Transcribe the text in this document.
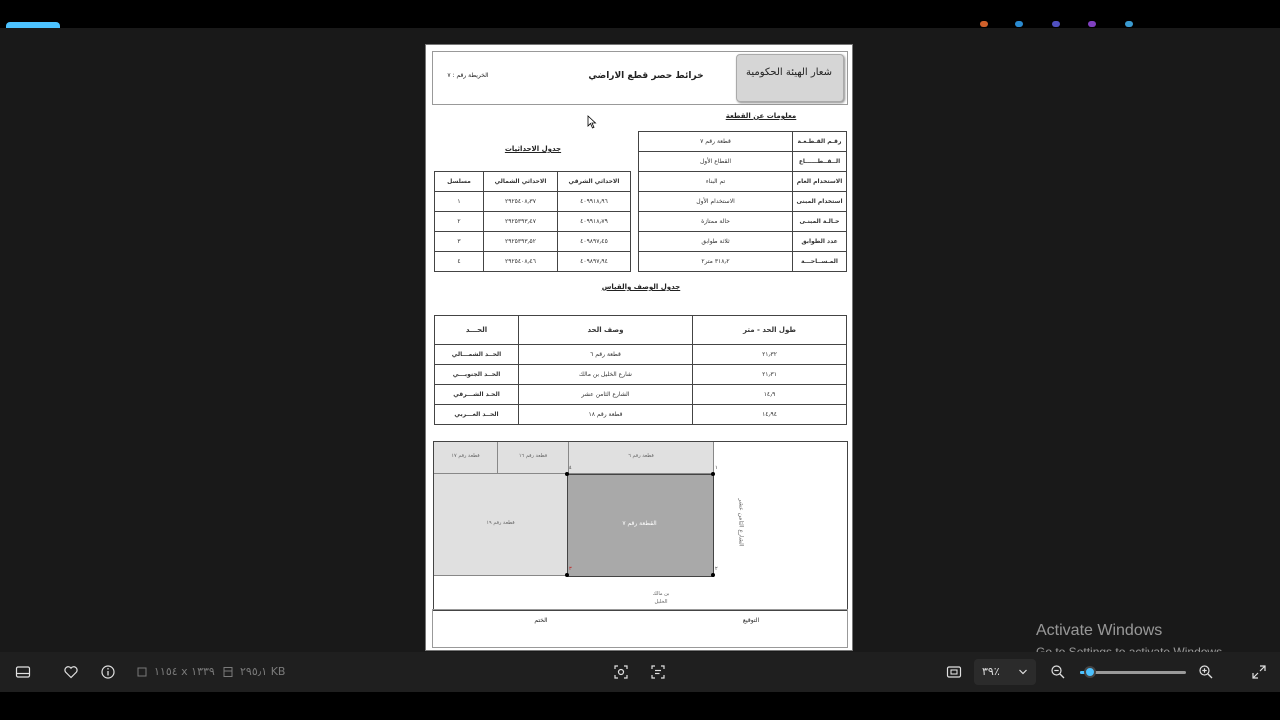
شعار الهيئة الحكومية
خرائط حصر قطع الاراضي
الخريطة رقم : ٧
معلومات عن القطعة
رقـم القـطـعـة	قطعة رقم ٧
الــقــطــــــاع	القطاع الأول
الاستخدام العام	تم البناء
استخدام المبنى	الاستخدام الأول
حـالـة المبنـى	حالة ممتازة
عدد الطوابق	ثلاثة طوابق
المـســاحـــة	٣١٨٫٢ متر٢
جدول الاحداثيات
الاحداثي الشرقي	الاحداثي الشمالي	مسلسل
٤٠٩٩١٨٫٩٦	٢٩٢٥٤٠٨٫٣٧	١
٤٠٩٩١٨٫٧٩	٢٩٢٥٣٩٣٫٤٧	٢
٤٠٩٨٩٧٫٤٥	٢٩٢٥٣٩٣٫٥٢	٣
٤٠٩٨٩٧٫٩٤	٢٩٢٥٤٠٨٫٤٦	٤
جدول الوصف والقياس
طول الحد - متر	وصف الحد	الحـــد
٢١٫٣٢	قطعة رقم ٦	الحــد الشمـــالي
٢١٫٣١	شارع الخليل بن مالك	الحــد الجنوبـــي
١٤٫٩	الشارع الثامن عشر	الحـد الشـــرقي
١٤٫٩٤	قطعة رقم ١٨	الحــد الغـــربي
قطعة رقم ١٧	قطعة رقم ١٦	قطعة رقم ٦
قطعة رقم ١٩	القطعة رقم ٧
١
٢
٣
٤
الشارع الثامن عشر
بن مالك
الخليل
التوقيع
الختم
Activate Windows
١١٥٤ x ١٣٣٩ ٢٩٥٫١ KB	٣٩٪
